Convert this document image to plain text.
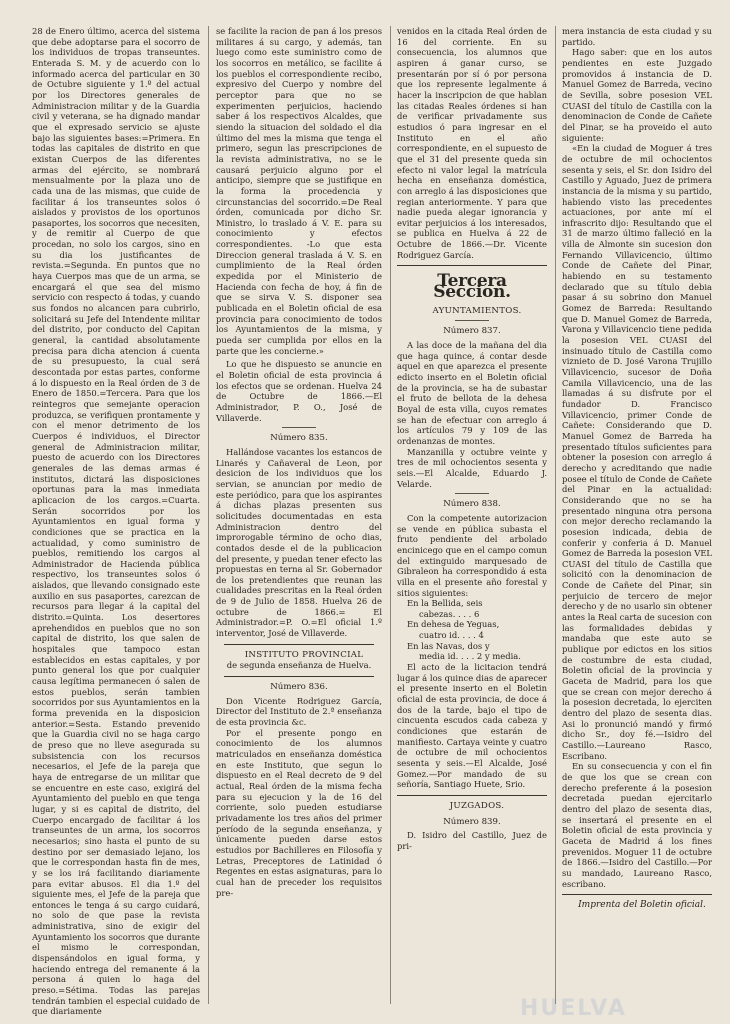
28 de Enero último, acerca del sistema que debe adoptarse para el socorro de los individuos de tropas transeuntes. Enterada S. M. y de acuerdo con lo informado acerca del particular en 30 de Octubre siguiente y 1.º del actual por los Directores generales de Administracion militar y de la Guardia civil y veterana, se ha dignado mandar que el expresado servicio se ajuste bajo las siguientes bases:=Primera. En todas las capitales de distrito en que existan Cuerpos de las diferentes armas del ejército, se nombrará mensualmente por la plaza uno de cada una de las mismas, que cuide de facilitar á los transeuntes solos ó aislados y provistos de los oportunos pasaportes, los socorros que necesiten, y de remitir al Cuerpo de que procedan, no solo los cargos, sino en su dia los justificantes de revista.=Segunda. En puntos que no haya Cuerpos mas que de un arma, se encargará el que sea del mismo servicio con respecto á todas, y cuando sus fondos no alcancen para cubrirlo, solicitará su Jefe del Intendente militar del distrito, por conducto del Capitan general, la cantidad absolutamente precisa para dicha atencion á cuenta de su presupuesto, la cual será descontada por estas partes, conforme á lo dispuesto en la Real órden de 3 de Enero de 1850.=Tercera. Para que los reintegros que semejante operacion produzca, se verifiquen prontamente y con el menor detrimento de los Cuerpos é individuos, el Director general de Administracion militar, puesto de acuerdo con los Directores generales de las demas armas é institutos, dictará las disposiciones oportunas para la mas inmediata aplicacion de los cargos.=Cuarta. Serán socorridos por los Ayuntamientos en igual forma y condiciones que se practica en la actualidad, y como suministro de pueblos, remitiendo los cargos al Administrador de Hacienda pública respectivo, los transeuntes solos ó aislados, que llevando consignado este auxilio en sus pasaportes, carezcan de recursos para llegar á la capital del distrito.=Quinta. Los desertores aprehendidos en pueblos que no son capital de distrito, los que salen de hospitales que tampoco estan establecidos en estas capitales, y por punto general los que por cualquier causa legítima permanecen ó salen de estos pueblos, serán tambien socorridos por sus Ayuntamientos en la forma prevenida en la disposicion anterior.=Sesta. Estando prevenido que la Guardia civil no se haga cargo de preso que no lleve asegurada su subsistencia con los recursos necesarios, el Jefe de la pareja que haya de entregarse de un militar que se encuentre en este caso, exigirá del Ayuntamiento del pueblo en que tenga lugar, y si es capital de distrito, del Cuerpo encargado de facilitar á los transeuntes de un arma, los socorros necesarios; sino hasta el punto de su destino por ser demasiado lejano, los que le correspondan hasta fin de mes, y se los irá facilitando diariamente para evitar abusos. El dia 1.º del siguiente mes, el Jefe de la pareja que entonces le tenga á su cargo cuidará, no solo de que pase la revista administrativa, sino de exigir del Ayuntamiento los socorros que durante el mismo le correspondan, dispensándolos en igual forma, y haciendo entrega del remanente á la persona á quien lo haga del preso.=Sétima. Todas las parejas tendrán tambien el especial cuidado de que diariamente

se facilite la racion de pan á los presos militares á su cargo, y además, tan luego como este suministro como de los socorros en metálico, se facilite á los pueblos el correspondiente recibo, expresivo del Cuerpo y nombre del perceptor para que no se experimenten perjuicios, haciendo saber á los respectivos Alcaldes, que siendo la situacion del soldado el dia último del mes la misma que tenga el primero, segun las prescripciones de la revista administrativa, no se le causará perjuicio alguno por el anticipo, siempre que se justifique en la forma la procedencia y circunstancias del socorrido.=De Real órden, comunicada por dicho Sr. Ministro, lo traslado á V. E. para su conocimiento y efectos correspondientes. -Lo que esta Direccion general traslada á V. S. en cumplimiento de la Real órden expedida por el Ministerio de Hacienda con fecha de hoy, á fin de que se sirva V. S. disponer sea publicada en el Boletin oficial de esa provincia para conocimiento de todos los Ayuntamientos de la misma, y pueda ser cumplida por ellos en la parte que les concierne.»

Lo que he dispuesto se anuncie en el Boletin oficial de esta provincia á los efectos que se ordenan. Huelva 24 de Octubre de 1866.—El Administrador, P. O., José de Villaverde.

Número 835.

Hallándose vacantes los estancos de Linarés y Cañaveral de Leon, por desicion de los individuos que los servian, se anuncian por medio de este periódico, para que los aspirantes á dichas plazas presenten sus solicitudes documentadas en esta Administracion dentro del improrogable término de ocho dias, contados desde el de la publicacion del presente, y puedan tener efecto las propuestas en terna al Sr. Gobernador de los pretendientes que reunan las cualidades prescritas en la Real órden de 9 de Julio de 1858. Huelva 26 de octubre de 1866.= El Administrador.=P. O.=El oficial 1.º interventor, José de Villaverde.

INSTITUTO PROVINCIAL

de segunda enseñanza de Huelva.

Número 836.

Don Vicente Rodriguez García, Director del Instituto de 2.ª enseñanza de esta provincia &c.

Por el presente pongo en conocimiento de los alumnos matriculados en enseñanza doméstica en este Instituto, que segun lo dispuesto en el Real decreto de 9 del actual, Real órden de la misma fecha para su ejecucion y la de 16 del corriente, solo pueden estudiarse privadamente los tres años del primer período de la segunda enseñanza, y únicamente pueden darse estos estudios por Bachilleres en Filosofía y Letras, Preceptores de Latinidad ó Regentes en estas asignaturas, para lo cual han de preceder los requisitos pre-

venidos en la citada Real órden de 16 del corriente. En su consecuencia, los alumnos que aspiren á ganar curso, se presentarán por sí ó por persona que los represente legalmente á hacer la inscripcion de que hablan las citadas Reales órdenes si han de verificar privadamente sus estudios ó para ingresar en el Instituto en el año correspondiente, en el supuesto de que el 31 del presente queda sin efecto ni valor legal la matrícula hecha en enseñanza doméstica, con arreglo á las disposiciones que regian anteriormente. Y para que nadie pueda alegar ignorancia y evitar perjuicios á los interesados, se publica en Huelva á 22 de Octubre de 1866.—Dr. Vicente Rodriguez García.

Tercera Seccion.

AYUNTAMIENTOS.

Número 837.

A las doce de la mañana del dia que haga quince, á contar desde aquel en que aparezca el presente edicto inserto en el Boletin oficial de la provincia, se ha de subastar el fruto de bellota de la dehesa Boyal de esta villa, cuyos remates se han de efectuar con arreglo á los artículos 79 y 109 de las ordenanzas de montes.

Manzanilla y octubre veinte y tres de mil ochocientos sesenta y seis.—El Alcalde, Eduardo J. Velarde.

Número 838.

Con la competente autorizacion se vende en pública subasta el fruto pendiente del arbolado encinicego que en el campo comun del extinguido marquesado de Gibraleon ha correspondido á esta villa en el presente año forestal y sitios siguientes:

En la Bellida, seis

cabezas. . . . 6

En dehesa de Yeguas,

cuatro id. . . . 4

En las Navas, dos y

media id. . . . 2 y media.

El acto de la licitacion tendrá lugar á los quince dias de aparecer el presente inserto en el Boletin oficial de esta provincia, de doce á dos de la tarde, bajo el tipo de cincuenta escudos cada cabeza y condiciones que estarán de manifiesto. Cartaya veinte y cuatro de octubre de mil ochocientos sesenta y seis.—El Alcalde, José Gomez.—Por mandado de su señoría, Santiago Huete, Srio.

JUZGADOS.

Número 839.

D. Isidro del Castillo, Juez de pri-

mera instancia de esta ciudad y su partido.

Hago saber: que en los autos pendientes en este Juzgado promovidos á instancia de D. Manuel Gomez de Barreda, vecino de Sevilla, sobre posesion VEL CUASI del título de Castilla con la denominacion de Conde de Cañete del Pinar, se ha proveido el auto siguiente:

«En la ciudad de Moguer á tres de octubre de mil ochocientos sesenta y seis, el Sr. don Isidro del Castillo y Aguado, Juez de primera instancia de la misma y su partido, habiendo visto las precedentes actuaciones, por ante mí el infrascrito dijo: Resultando que el 31 de marzo último falleció en la villa de Almonte sin sucesion don Fernando Villavicencio, último Conde de Cañete del Pinar, habiendo en su testamento declarado que su título debia pasar á su sobrino don Manuel Gomez de Barreda: Resultando que D. Manuel Gomez de Barreda, Varona y Villavicencio tiene pedida la posesion VEL CUASI del insinuado título de Castilla como viznieto de D. José Varona Trujillo Villavicencio, sucesor de Doña Camila Villavicencio, una de las llamadas á su disfrute por el fundador D. Francisco Villavicencio, primer Conde de Cañete: Considerando que D. Manuel Gomez de Barreda ha presentado títulos suficientes para obtener la posesion con arreglo á derecho y acreditando que nadie posee el título de Conde de Cañete del Pinar en la actualidad: Considerando que no se ha presentado ninguna otra persona con mejor derecho reclamando la posesion indicada, debia de conferir y conferia á D. Manuel Gomez de Barreda la posesion VEL CUASI del título de Castilla que solicitó con la denominacion de Conde de Cañete del Pinar, sin perjuicio de tercero de mejor derecho y de no usarlo sin obtener antes la Real carta de sucesion con las formalidades debidas y mandaba que este auto se publique por edictos en los sitios de costumbre de esta ciudad, Boletin oficial de la provincia y Gaceta de Madrid, para los que que se crean con mejor derecho á la posesion decretada, lo ejerciten dentro del plazo de sesenta dias. Asi lo pronunció mandó y firmó dicho Sr., doy fé.—Isidro del Castillo.—Laureano Rasco, Escribano.

En su consecuencia y con el fin de que los que se crean con derecho preferente á la posesion decretada puedan ejercitarlo dentro del plazo de sesenta dias, se insertará el presente en el Boletin oficial de esta provincia y Gaceta de Madrid á los fines prevenidos. Moguer 11 de octubre de 1866.—Isidro del Castillo.—Por su mandado, Laureano Rasco, escribano.

Imprenta del Boletin oficial.

HUELVA
